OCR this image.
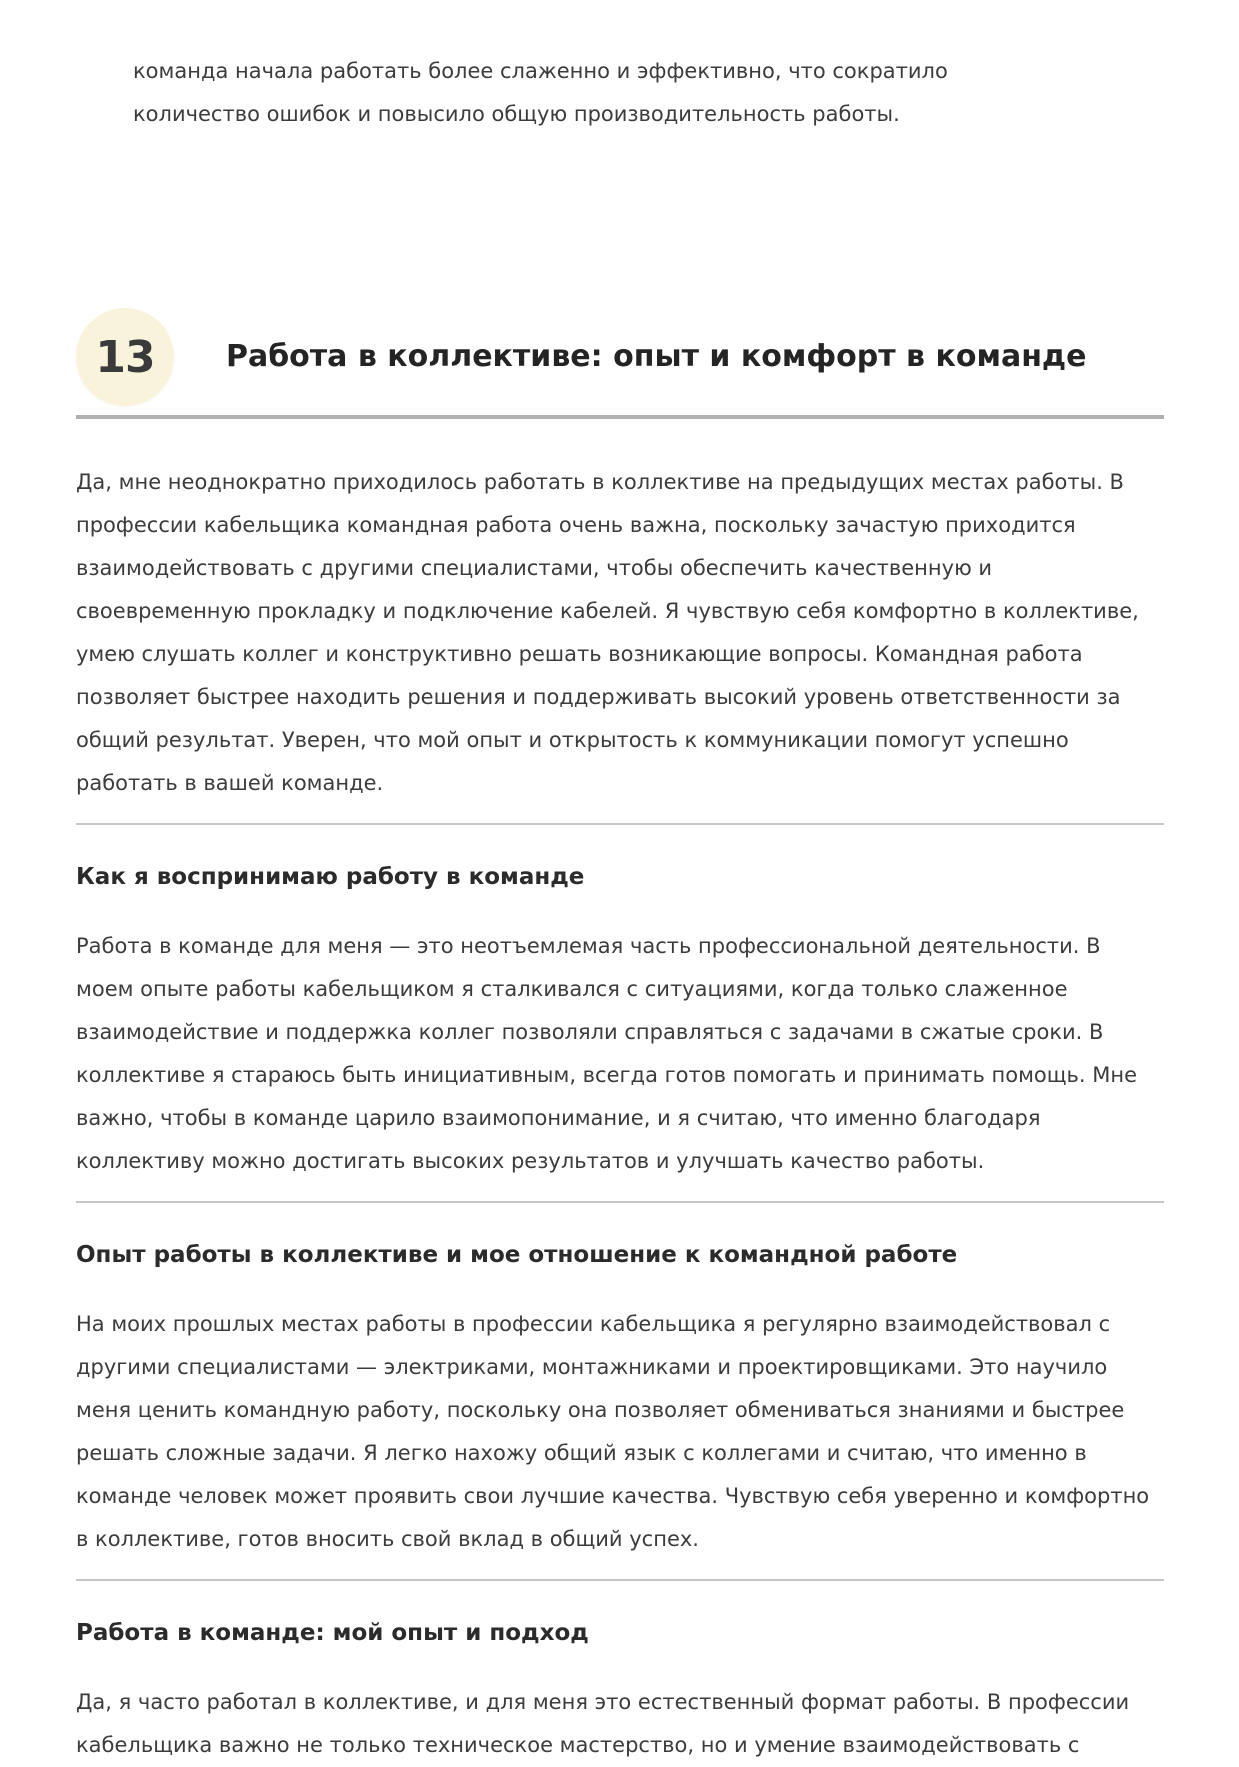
команда начала работать более слаженно и эффективно, что сократило количество ошибок и повысило общую производительность работы.

13 Работа в коллективе: опыт и комфорт в команде

Да, мне неоднократно приходилось работать в коллективе на предыдущих местах работы. В профессии кабельщика командная работа очень важна, поскольку зачастую приходится взаимодействовать с другими специалистами, чтобы обеспечить качественную и своевременную прокладку и подключение кабелей. Я чувствую себя комфортно в коллективе, умею слушать коллег и конструктивно решать возникающие вопросы. Командная работа позволяет быстрее находить решения и поддерживать высокий уровень ответственности за общий результат. Уверен, что мой опыт и открытость к коммуникации помогут успешно работать в вашей команде.

Как я воспринимаю работу в команде

Работа в команде для меня — это неотъемлемая часть профессиональной деятельности. В моем опыте работы кабельщиком я сталкивался с ситуациями, когда только слаженное взаимодействие и поддержка коллег позволяли справляться с задачами в сжатые сроки. В коллективе я стараюсь быть инициативным, всегда готов помогать и принимать помощь. Мне важно, чтобы в команде царило взаимопонимание, и я считаю, что именно благодаря коллективу можно достигать высоких результатов и улучшать качество работы.

Опыт работы в коллективе и мое отношение к командной работе

На моих прошлых местах работы в профессии кабельщика я регулярно взаимодействовал с другими специалистами — электриками, монтажниками и проектировщиками. Это научило меня ценить командную работу, поскольку она позволяет обмениваться знаниями и быстрее решать сложные задачи. Я легко нахожу общий язык с коллегами и считаю, что именно в команде человек может проявить свои лучшие качества. Чувствую себя уверенно и комфортно в коллективе, готов вносить свой вклад в общий успех.

Работа в команде: мой опыт и подход

Да, я часто работал в коллективе, и для меня это естественный формат работы. В профессии кабельщика важно не только техническое мастерство, но и умение взаимодействовать с
